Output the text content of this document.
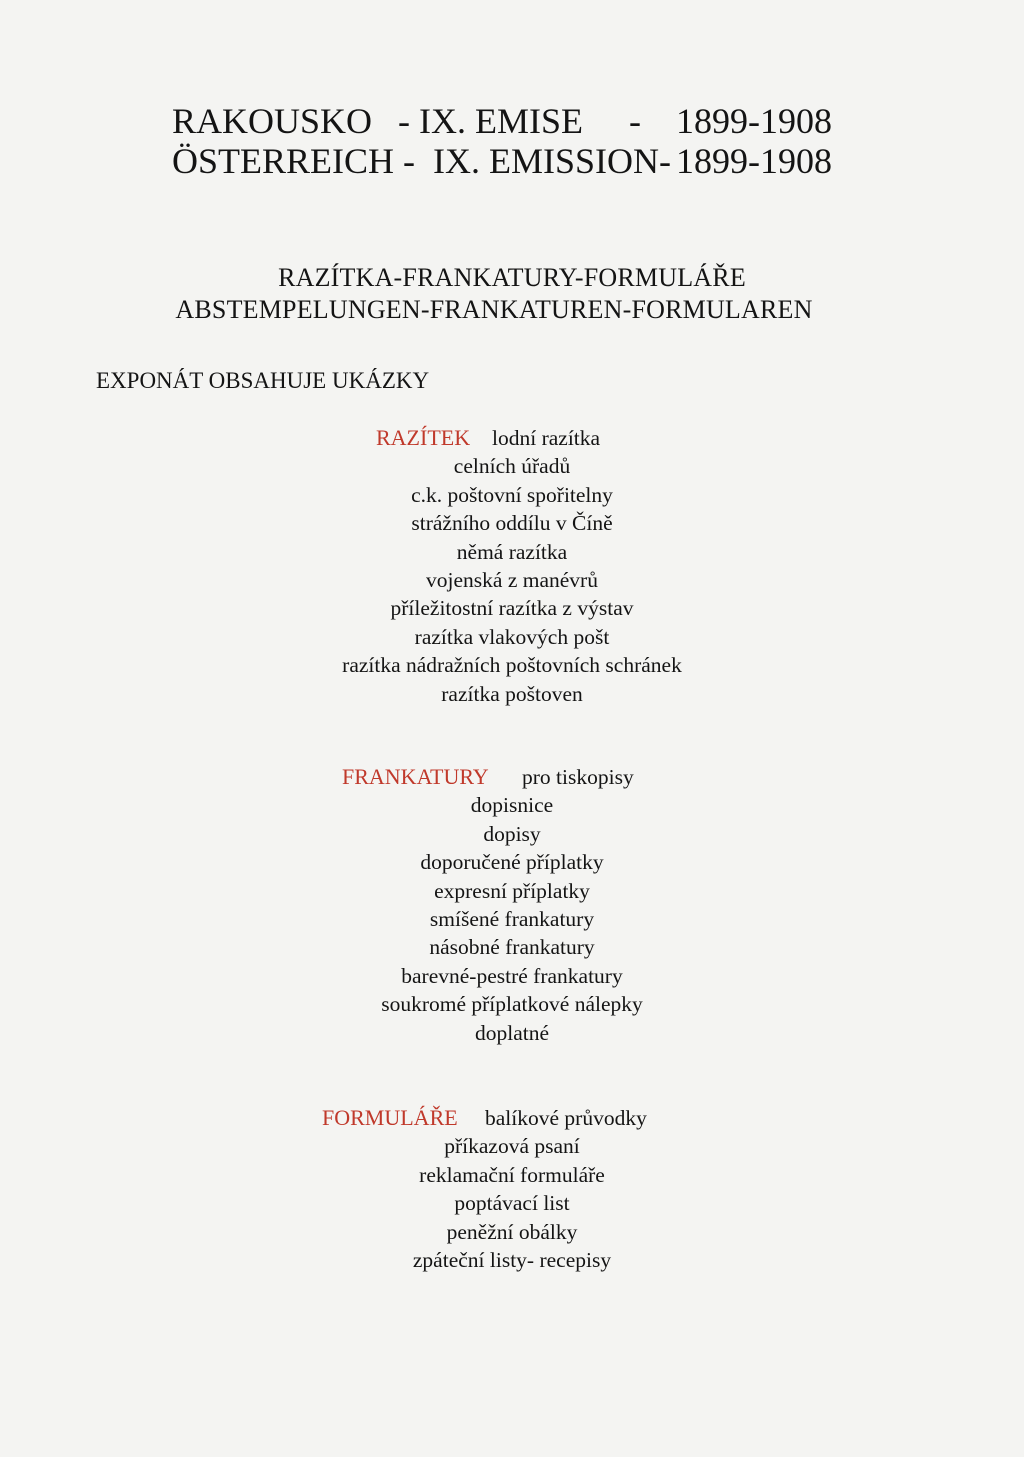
RAKOUSKO - IX. EMISE - 1899-1908
ÖSTERREICH - IX. EMISSION- 1899-1908
RAZÍTKA-FRANKATURY-FORMULÁŘE
ABSTEMPELUNGEN-FRANKATUREN-FORMULAREN
EXPONÁT OBSAHUJE UKÁZKY
RAZÍTEK lodní razítka
celních úřadů
c.k. poštovní spořitelny
strážního oddílu v Číně
němá razítka
vojenská z manévrů
příležitostní razítka z výstav
razítka vlakových pošt
razítka nádražních poštovních schránek
razítka poštoven
FRANKATURY pro tiskopisy
dopisnice
dopisy
doporučené příplatky
expresní příplatky
smíšené frankatury
násobné frankatury
barevné-pestré frankatury
soukromé příplatkové nálepky
doplatné
FORMULÁŘE balíkové průvodky
příkazová psaní
reklamační formuláře
poptávací list
peněžní obálky
zpáteční listy- recepisy
